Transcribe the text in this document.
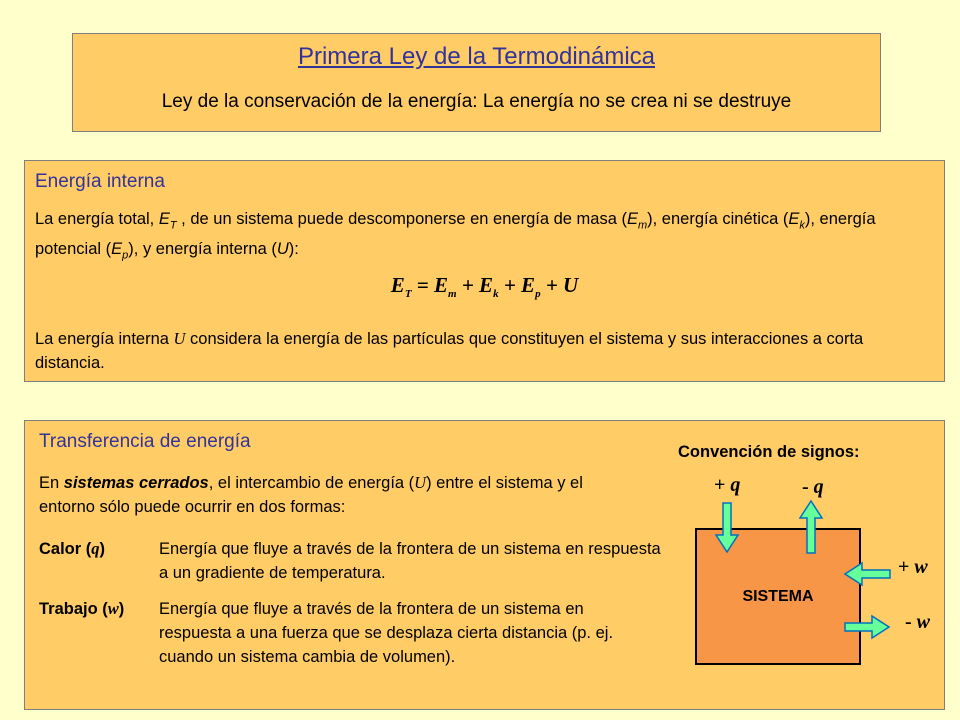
Primera Ley de la Termodinámica
Ley de la conservación de la energía: La energía no se crea ni se destruye
Energía interna
La energía total, $E_T$ , de un sistema puede descomponerse en energía de masa $(E_m)$, energía cinética $(E_k)$, energía potencial $(E_p)$, y energía interna (U):
$E_T = E_m + E_k + E_p + U$
La energía interna U considera la energía de las partículas que constituyen el sistema y sus interacciones a corta distancia.
Transferencia de energía
En sistemas cerrados, el intercambio de energía (U) entre el sistema y el entorno sólo puede ocurrir en dos formas:
Calor (q)	Energía que fluye a través de la frontera de un sistema en respuesta a un gradiente de temperatura.
Trabajo (w)	Energía que fluye a través de la frontera de un sistema en respuesta a una fuerza que se desplaza cierta distancia (p. ej. cuando un sistema cambia de volumen).
Convención de signos:
SISTEMA
+ q	- q
+ w
- w
